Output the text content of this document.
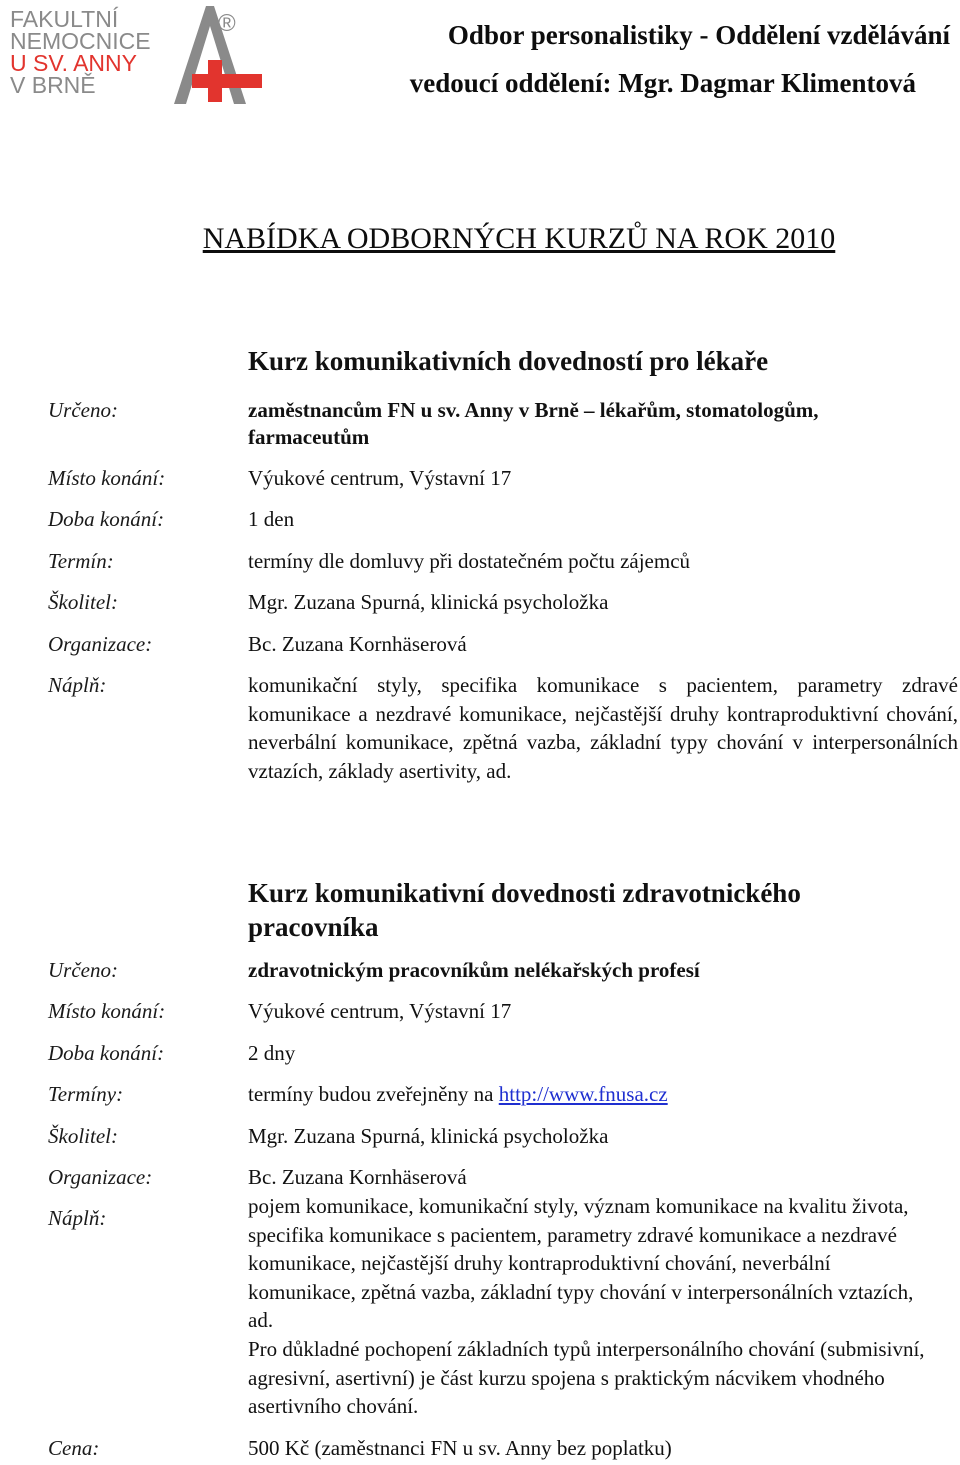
FAKULTNÍ
NEMOCNICE
U SV. ANNY
V BRNĚ
®	Odbor personalistiky - Oddělení vzdělávání
vedoucí oddělení: Mgr. Dagmar Klimentová
NABÍDKA ODBORNÝCH KURZŮ NA ROK 2010
Kurz komunikativních dovedností pro lékaře
Určeno:	zaměstnancům FN u sv. Anny v Brně – lékařům, stomatologům,
farmaceutům
Místo konání:	Výukové centrum, Výstavní 17
Doba konání:	1 den
Termín:	termíny dle domluvy při dostatečném počtu zájemců
Školitel:	Mgr. Zuzana Spurná, klinická psycholožka
Organizace:	Bc. Zuzana Kornhäserová
Náplň:	komunikační styly, specifika komunikace s pacientem, parametry zdravé komunikace a nezdravé komunikace, nejčastější druhy kontraproduktivní chování, neverbální komunikace, zpětná vazba, základní typy chování v interpersonálních vztazích, základy asertivity, ad.
Kurz komunikativní dovednosti zdravotnického pracovníka
Určeno:	zdravotnickým pracovníkům nelékařských profesí
Místo konání:	Výukové centrum, Výstavní 17
Doba konání:	2 dny
Termíny:	termíny budou zveřejněny na http://www.fnusa.cz
Školitel:	Mgr. Zuzana Spurná, klinická psycholožka
Organizace:	Bc. Zuzana Kornhäserová
Náplň:	pojem komunikace, komunikační styly, význam komunikace na kvalitu života, specifika komunikace s pacientem, parametry zdravé komunikace a nezdravé komunikace, nejčastější druhy kontraproduktivní chování, neverbální komunikace, zpětná vazba, základní typy chování v interpersonálních vztazích, ad.
Pro důkladné pochopení základních typů interpersonálního chování (submisivní, agresivní, asertivní) je část kurzu spojena s praktickým nácvikem vhodného asertivního chování.
Cena:	500 Kč (zaměstnanci FN u sv. Anny bez poplatku)
